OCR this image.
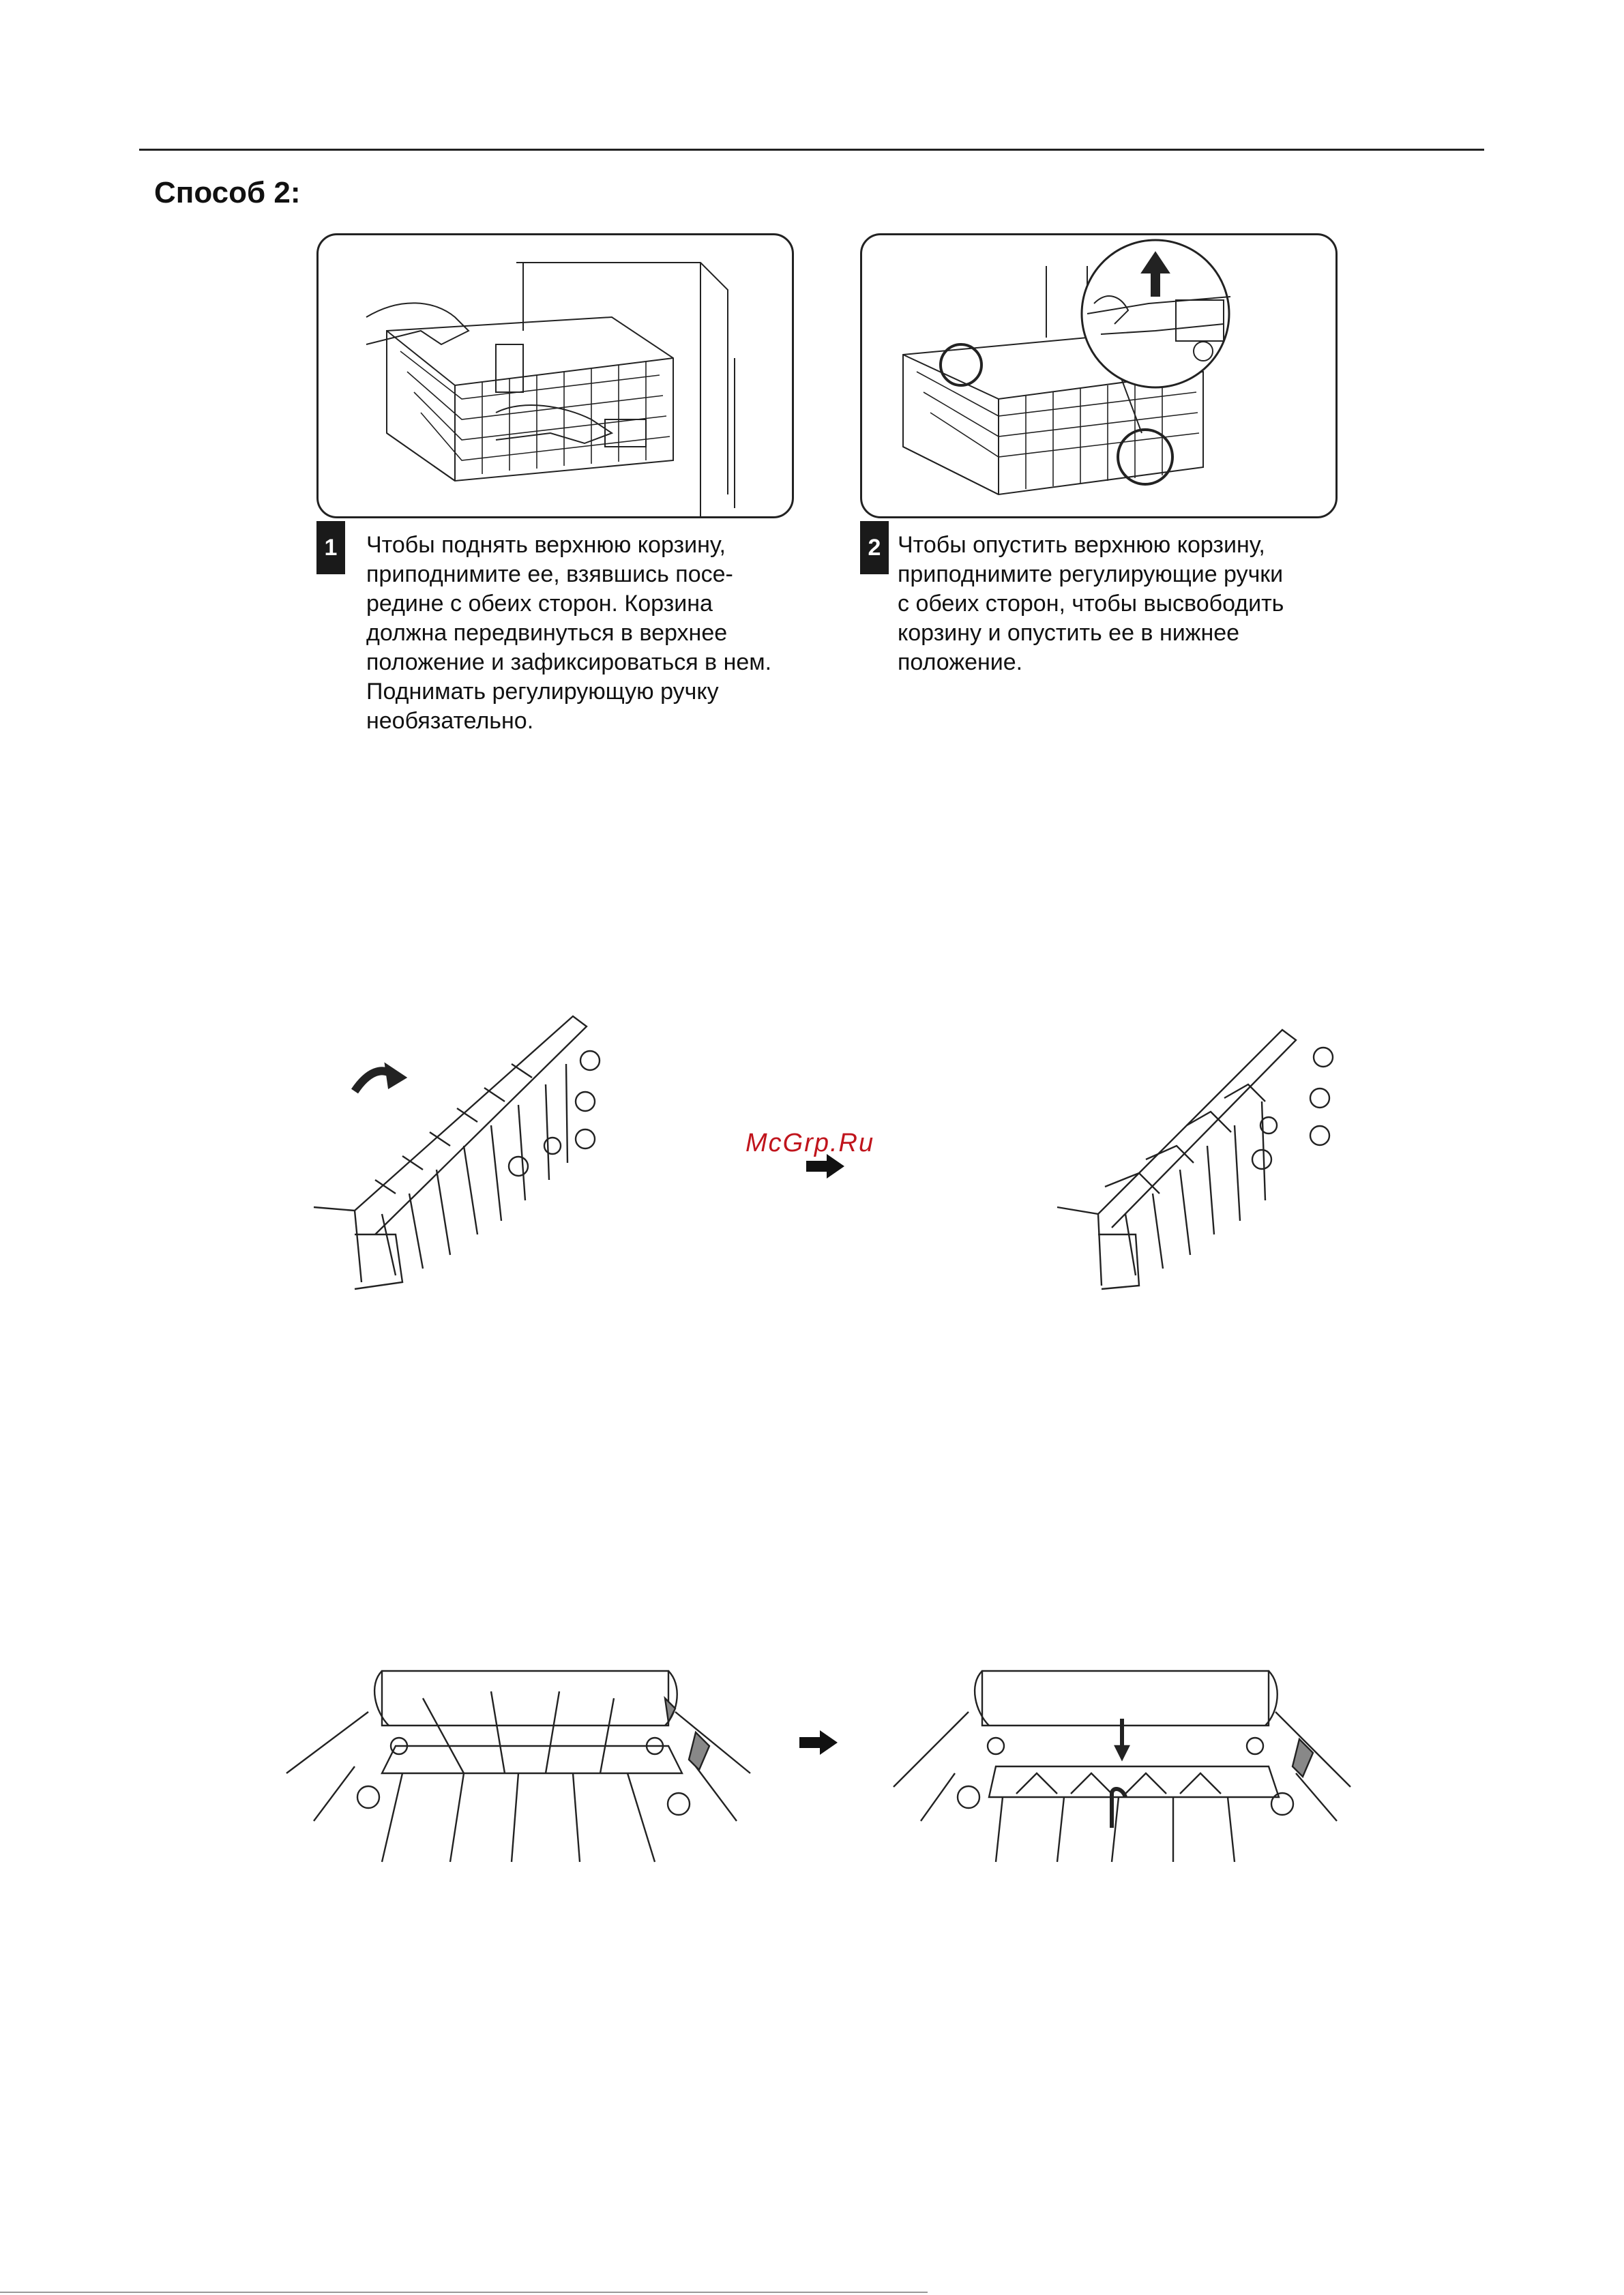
Способ 2:
1	Чтобы поднять верхнюю корзину,
приподнимите ее, взявшись посе-
редине с обеих сторон. Корзина
должна передвинуться в верхнее
положение и зафиксироваться в нем.
Поднимать регулирующую ручку
необязательно.
2 Чтобы опустить верхнюю корзину,
приподнимите регулирующие ручки
с обеих сторон, чтобы высвободить
корзину и опустить ее в нижнее
положение.
McGrp.Ru
